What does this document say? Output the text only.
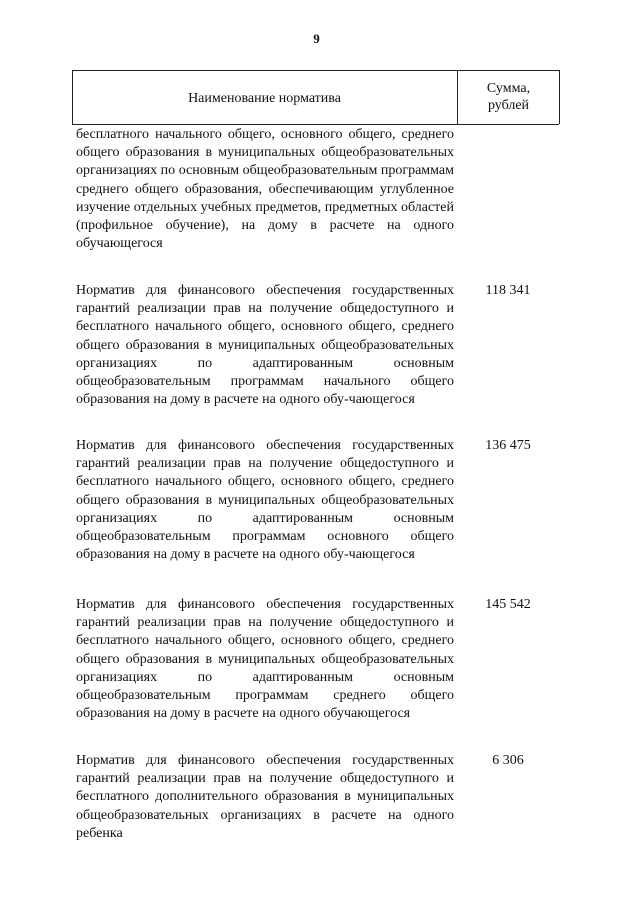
9
Наименование норматива
Сумма,
рублей
бесплатного начального общего, основного общего, среднего общего образования в муниципальных общеобразовательных организациях по основным общеобразовательным программам среднего общего образования, обеспечивающим углубленное изучение отдельных учебных предметов, предметных областей (профильное обучение), на дому в расчете на одного обучающегося
Норматив для финансового обеспечения государственных гарантий реализации прав на получение общедоступного и бесплатного начального общего, основного общего, среднего общего образования в муниципальных общеобразовательных организациях по адаптированным основным общеобразовательным программам начального общего образования на дому в расчете на одного обу-чающегося
118 341
Норматив для финансового обеспечения государственных гарантий реализации прав на получение общедоступного и бесплатного начального общего, основного общего, среднего общего образования в муниципальных общеобразовательных организациях по адаптированным основным общеобразовательным программам основного общего образования на дому в расчете на одного обу-чающегося
136 475
Норматив для финансового обеспечения государственных гарантий реализации прав на получение общедоступного и бесплатного начального общего, основного общего, среднего общего образования в муниципальных общеобразовательных организациях по адаптированным основным общеобразовательным программам среднего общего образования на дому в расчете на одного обучающегося
145 542
Норматив для финансового обеспечения государственных гарантий реализации прав на получение общедоступного и бесплатного дополнительного образования в муниципальных общеобразовательных организациях в расчете на одного ребенка
6 306
